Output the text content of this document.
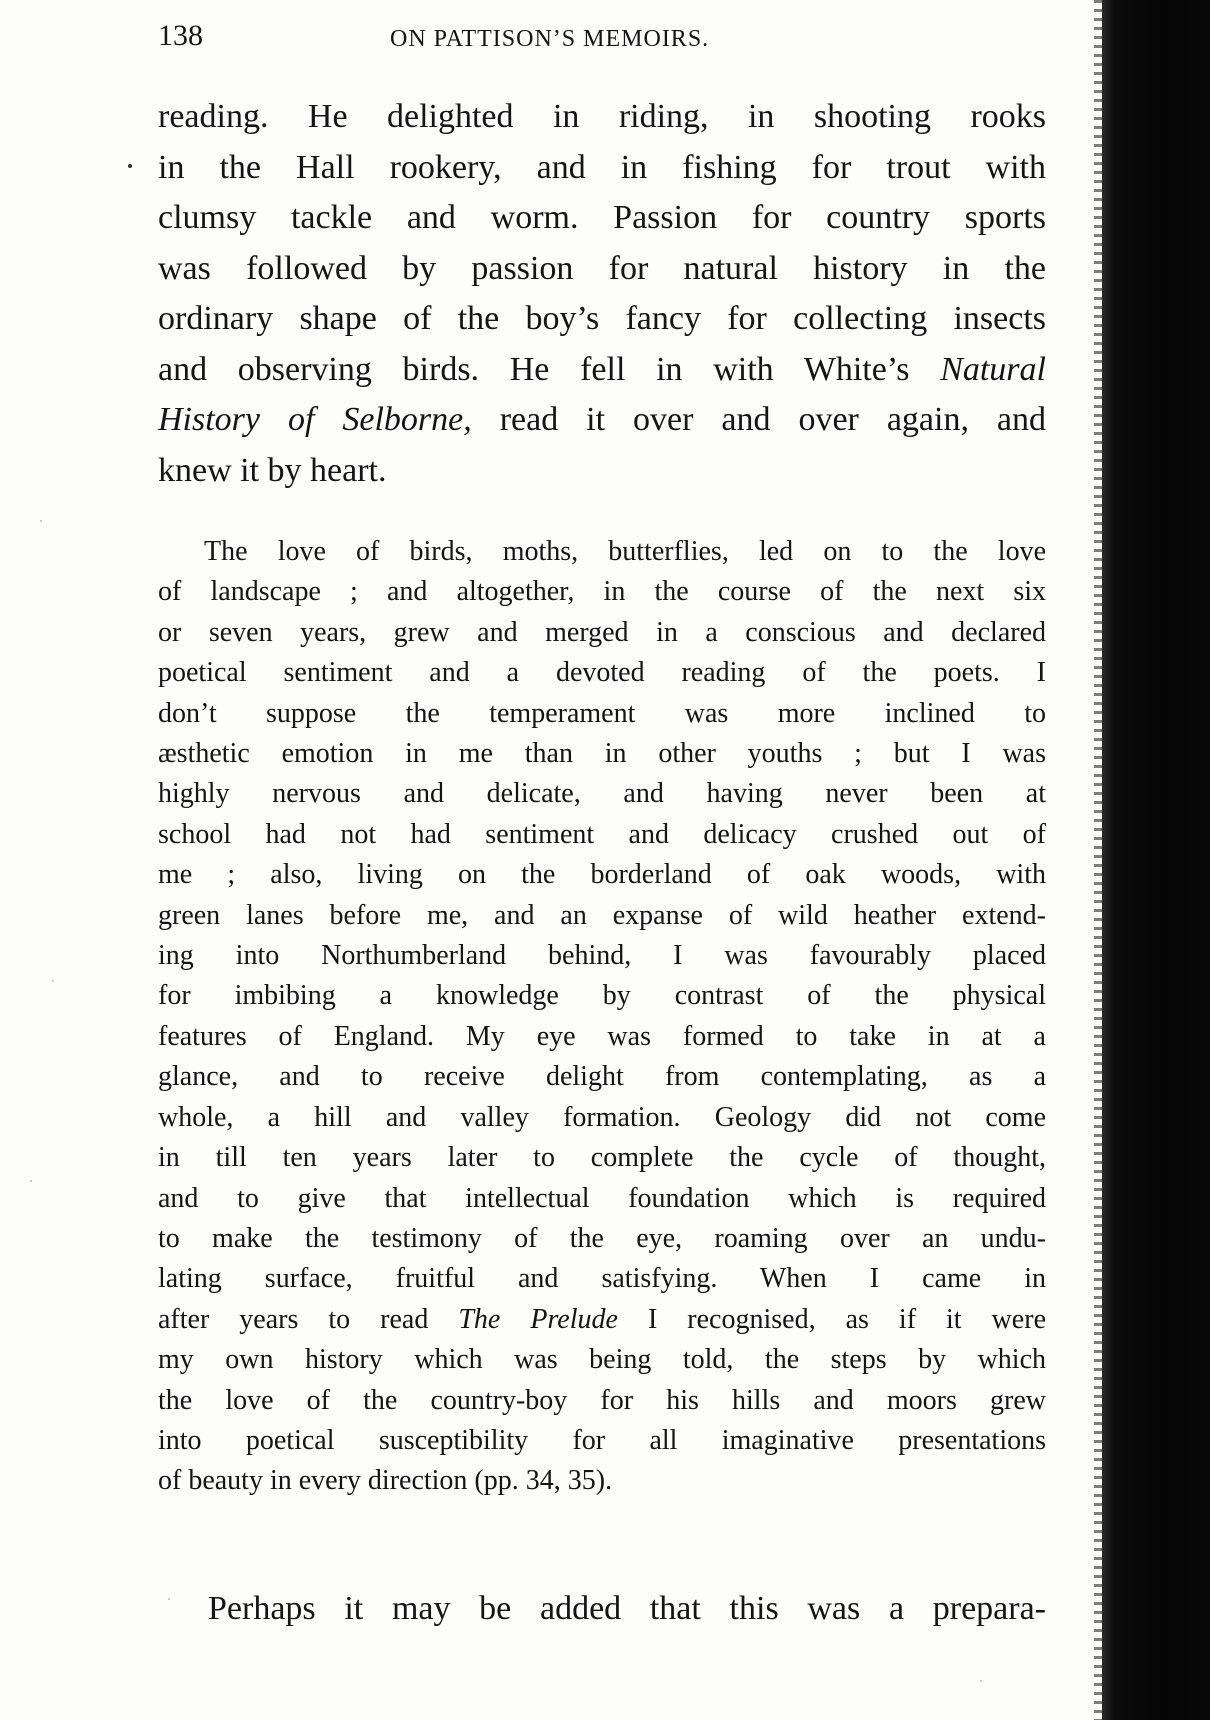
138	ON PATTISON’S MEMOIRS.
reading. He delighted in riding, in shooting rooks
in the Hall rookery, and in fishing for trout with
clumsy tackle and worm. Passion for country sports
was followed by passion for natural history in the
ordinary shape of the boy’s fancy for collecting insects
and observing birds. He fell in with White’s Natural
History of Selborne, read it over and over again, and
knew it by heart.
The love of birds, moths, butterflies, led on to the love
of landscape ; and altogether, in the course of the next six
or seven years, grew and merged in a conscious and declared
poetical sentiment and a devoted reading of the poets. I
don’t suppose the temperament was more inclined to
æsthetic emotion in me than in other youths ; but I was
highly nervous and delicate, and having never been at
school had not had sentiment and delicacy crushed out of
me ; also, living on the borderland of oak woods, with
green lanes before me, and an expanse of wild heather extend-
ing into Northumberland behind, I was favourably placed
for imbibing a knowledge by contrast of the physical
features of England. My eye was formed to take in at a
glance, and to receive delight from contemplating, as a
whole, a hill and valley formation. Geology did not come
in till ten years later to complete the cycle of thought,
and to give that intellectual foundation which is required
to make the testimony of the eye, roaming over an undu-
lating surface, fruitful and satisfying. When I came in
after years to read The Prelude I recognised, as if it were
my own history which was being told, the steps by which
the love of the country-boy for his hills and moors grew
into poetical susceptibility for all imaginative presentations
of beauty in every direction (pp. 34, 35).
Perhaps it may be added that this was a prepara-
